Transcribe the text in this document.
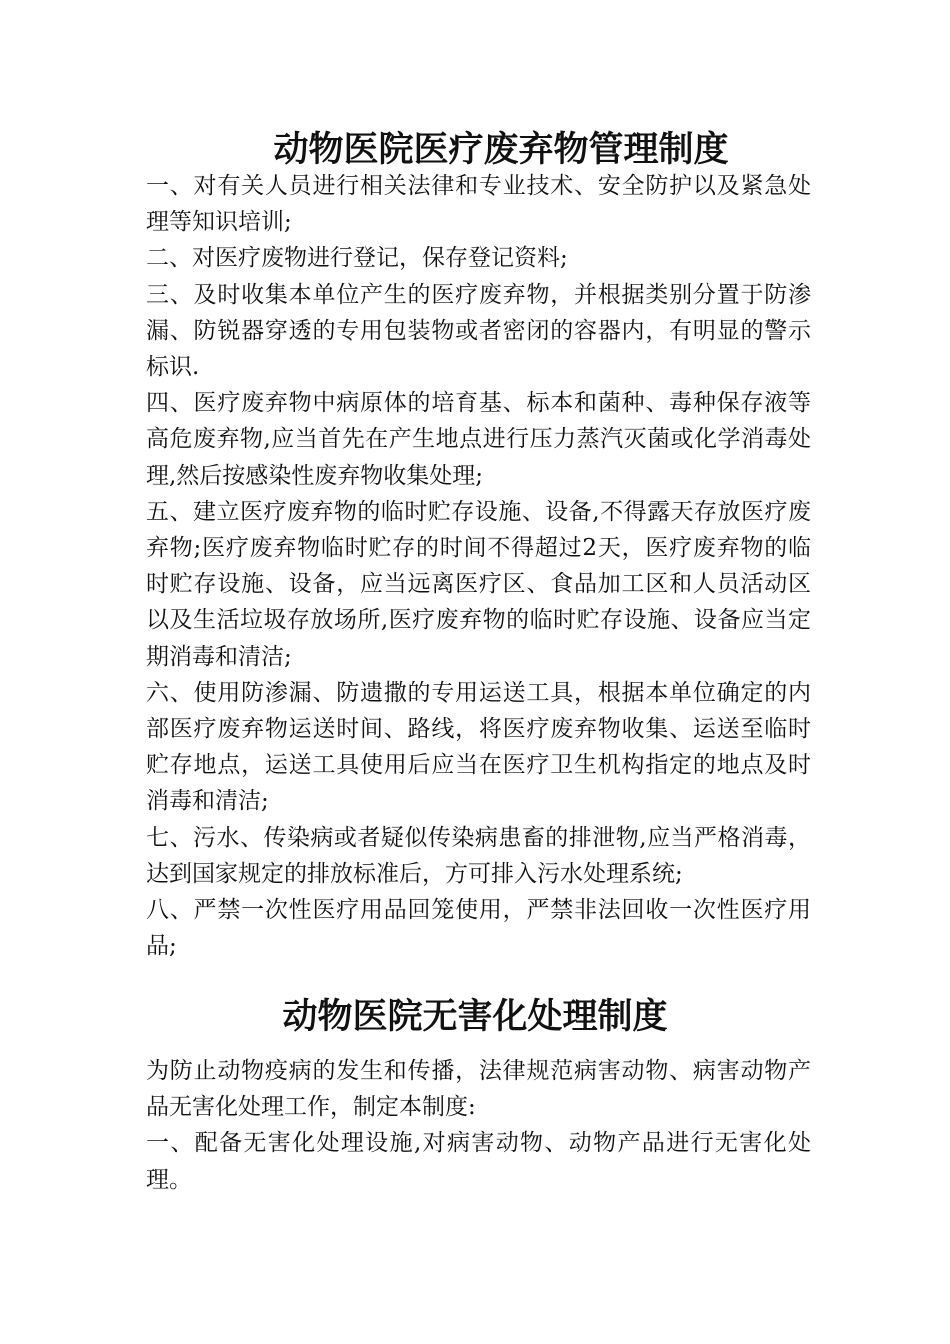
动物医院医疗废弃物管理制度

一、对有关人员进行相关法律和专业技术、安全防护以及紧急处理等知识培训;

二、对医疗废物进行登记，保存登记资料;

三、及时收集本单位产生的医疗废弃物，并根据类别分置于防渗漏、防锐器穿透的专用包装物或者密闭的容器内，有明显的警示标识.

四、医疗废弃物中病原体的培育基、标本和菌种、毒种保存液等高危废弃物,应当首先在产生地点进行压力蒸汽灭菌或化学消毒处理,然后按感染性废弃物收集处理;

五、建立医疗废弃物的临时贮存设施、设备,不得露天存放医疗废弃物;医疗废弃物临时贮存的时间不得超过2天，医疗废弃物的临时贮存设施、设备，应当远离医疗区、食品加工区和人员活动区以及生活垃圾存放场所,医疗废弃物的临时贮存设施、设备应当定期消毒和清洁;

六、使用防渗漏、防遗撒的专用运送工具，根据本单位确定的内部医疗废弃物运送时间、路线，将医疗废弃物收集、运送至临时贮存地点，运送工具使用后应当在医疗卫生机构指定的地点及时消毒和清洁;

七、污水、传染病或者疑似传染病患畜的排泄物,应当严格消毒，达到国家规定的排放标准后，方可排入污水处理系统;

八、严禁一次性医疗用品回笼使用，严禁非法回收一次性医疗用品;

动物医院无害化处理制度

为防止动物疫病的发生和传播，法律规范病害动物、病害动物产品无害化处理工作，制定本制度:

一、配备无害化处理设施,对病害动物、动物产品进行无害化处理。
